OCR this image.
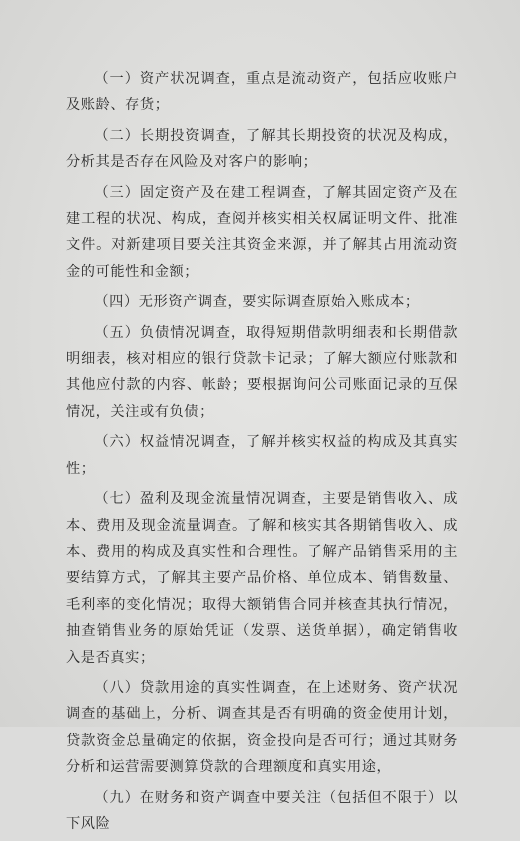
（一）资产状况调查，重点是流动资产，包括应收账户及账龄、存货；

（二）长期投资调查，了解其长期投资的状况及构成，分析其是否存在风险及对客户的影响；

（三）固定资产及在建工程调查，了解其固定资产及在建工程的状况、构成，查阅并核实相关权属证明文件、批准文件。对新建项目要关注其资金来源，并了解其占用流动资金的可能性和金额；

（四）无形资产调查，要实际调查原始入账成本；

（五）负债情况调查，取得短期借款明细表和长期借款明细表，核对相应的银行贷款卡记录；了解大额应付账款和其他应付款的内容、帐龄；要根据询问公司账面记录的互保情况，关注或有负债；

（六）权益情况调查，了解并核实权益的构成及其真实性；

（七）盈利及现金流量情况调查，主要是销售收入、成本、费用及现金流量调查。了解和核实其各期销售收入、成本、费用的构成及真实性和合理性。了解产品销售采用的主要结算方式，了解其主要产品价格、单位成本、销售数量、毛利率的变化情况；取得大额销售合同并核查其执行情况，抽查销售业务的原始凭证（发票、送货单据），确定销售收入是否真实；

（八）贷款用途的真实性调查，在上述财务、资产状况调查的基础上，分析、调查其是否有明确的资金使用计划，贷款资金总量确定的依据，资金投向是否可行；通过其财务分析和运营需要测算贷款的合理额度和真实用途，

（九）在财务和资产调查中要关注（包括但不限于）以下风险
